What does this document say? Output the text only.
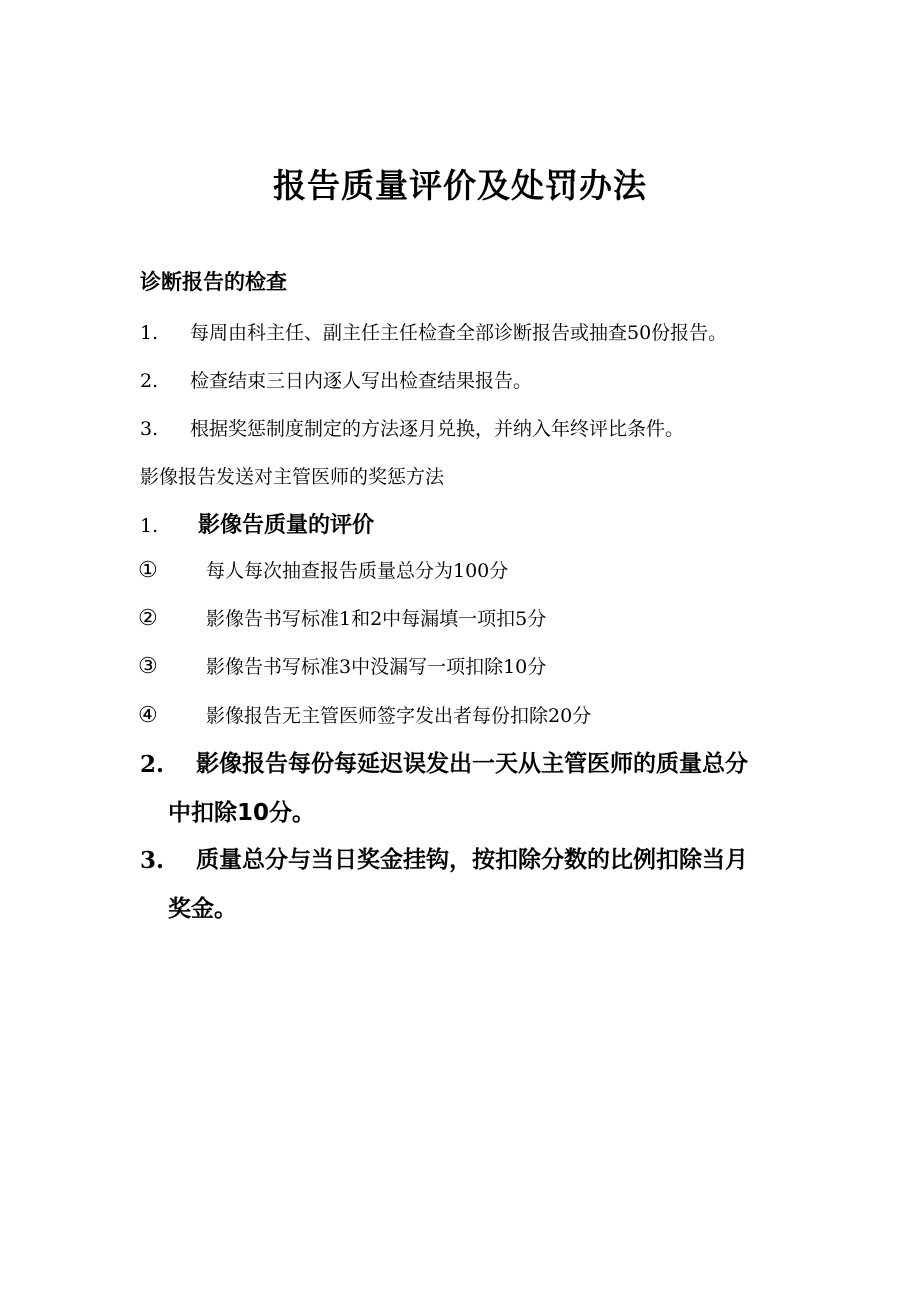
报告质量评价及处罚办法
诊断报告的检查
1. 每周由科主任、副主任主任检查全部诊断报告或抽查50份报告。
2. 检查结束三日内逐人写出检查结果报告。
3. 根据奖惩制度制定的方法逐月兑换，并纳入年终评比条件。
影像报告发送对主管医师的奖惩方法
1. 影像告质量的评价
①	每人每次抽查报告质量总分为100分
②	影像告书写标准1和2中每漏填一项扣5分
③	影像告书写标准3中没漏写一项扣除10分
④	影像报告无主管医师签字发出者每份扣除20分
2. 影像报告每份每延迟误发出一天从主管医师的质量总分
中扣除10分。
3. 质量总分与当日奖金挂钩，按扣除分数的比例扣除当月
奖金。
